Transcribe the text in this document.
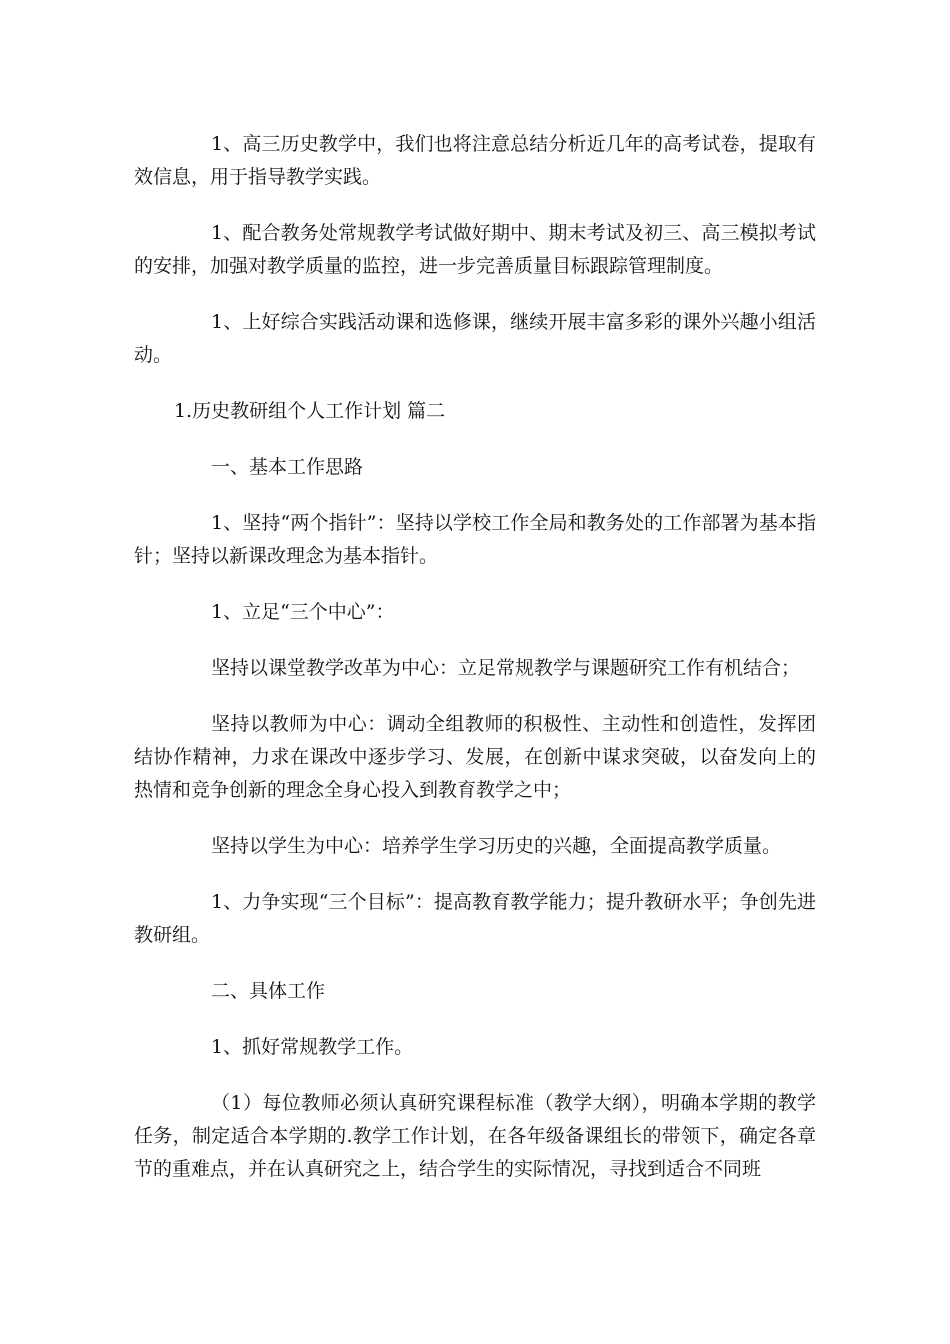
1、高三历史教学中，我们也将注意总结分析近几年的高考试卷，提取有效信息，用于指导教学实践。

1、配合教务处常规教学考试做好期中、期末考试及初三、高三模拟考试的安排，加强对教学质量的监控，进一步完善质量目标跟踪管理制度。

1、上好综合实践活动课和选修课，继续开展丰富多彩的课外兴趣小组活动。

1.历史教研组个人工作计划 篇二

一、基本工作思路

1、坚持“两个指针”：坚持以学校工作全局和教务处的工作部署为基本指针；坚持以新课改理念为基本指针。

1、立足“三个中心”：

坚持以课堂教学改革为中心：立足常规教学与课题研究工作有机结合；

坚持以教师为中心：调动全组教师的积极性、主动性和创造性，发挥团结协作精神，力求在课改中逐步学习、发展，在创新中谋求突破，以奋发向上的热情和竞争创新的理念全身心投入到教育教学之中；

坚持以学生为中心：培养学生学习历史的兴趣，全面提高教学质量。

1、力争实现“三个目标”：提高教育教学能力；提升教研水平；争创先进教研组。

二、具体工作

1、抓好常规教学工作。

（1）每位教师必须认真研究课程标准（教学大纲），明确本学期的教学任务，制定适合本学期的.教学工作计划，在各年级备课组长的带领下，确定各章节的重难点，并在认真研究之上，结合学生的实际情况，寻找到适合不同班
